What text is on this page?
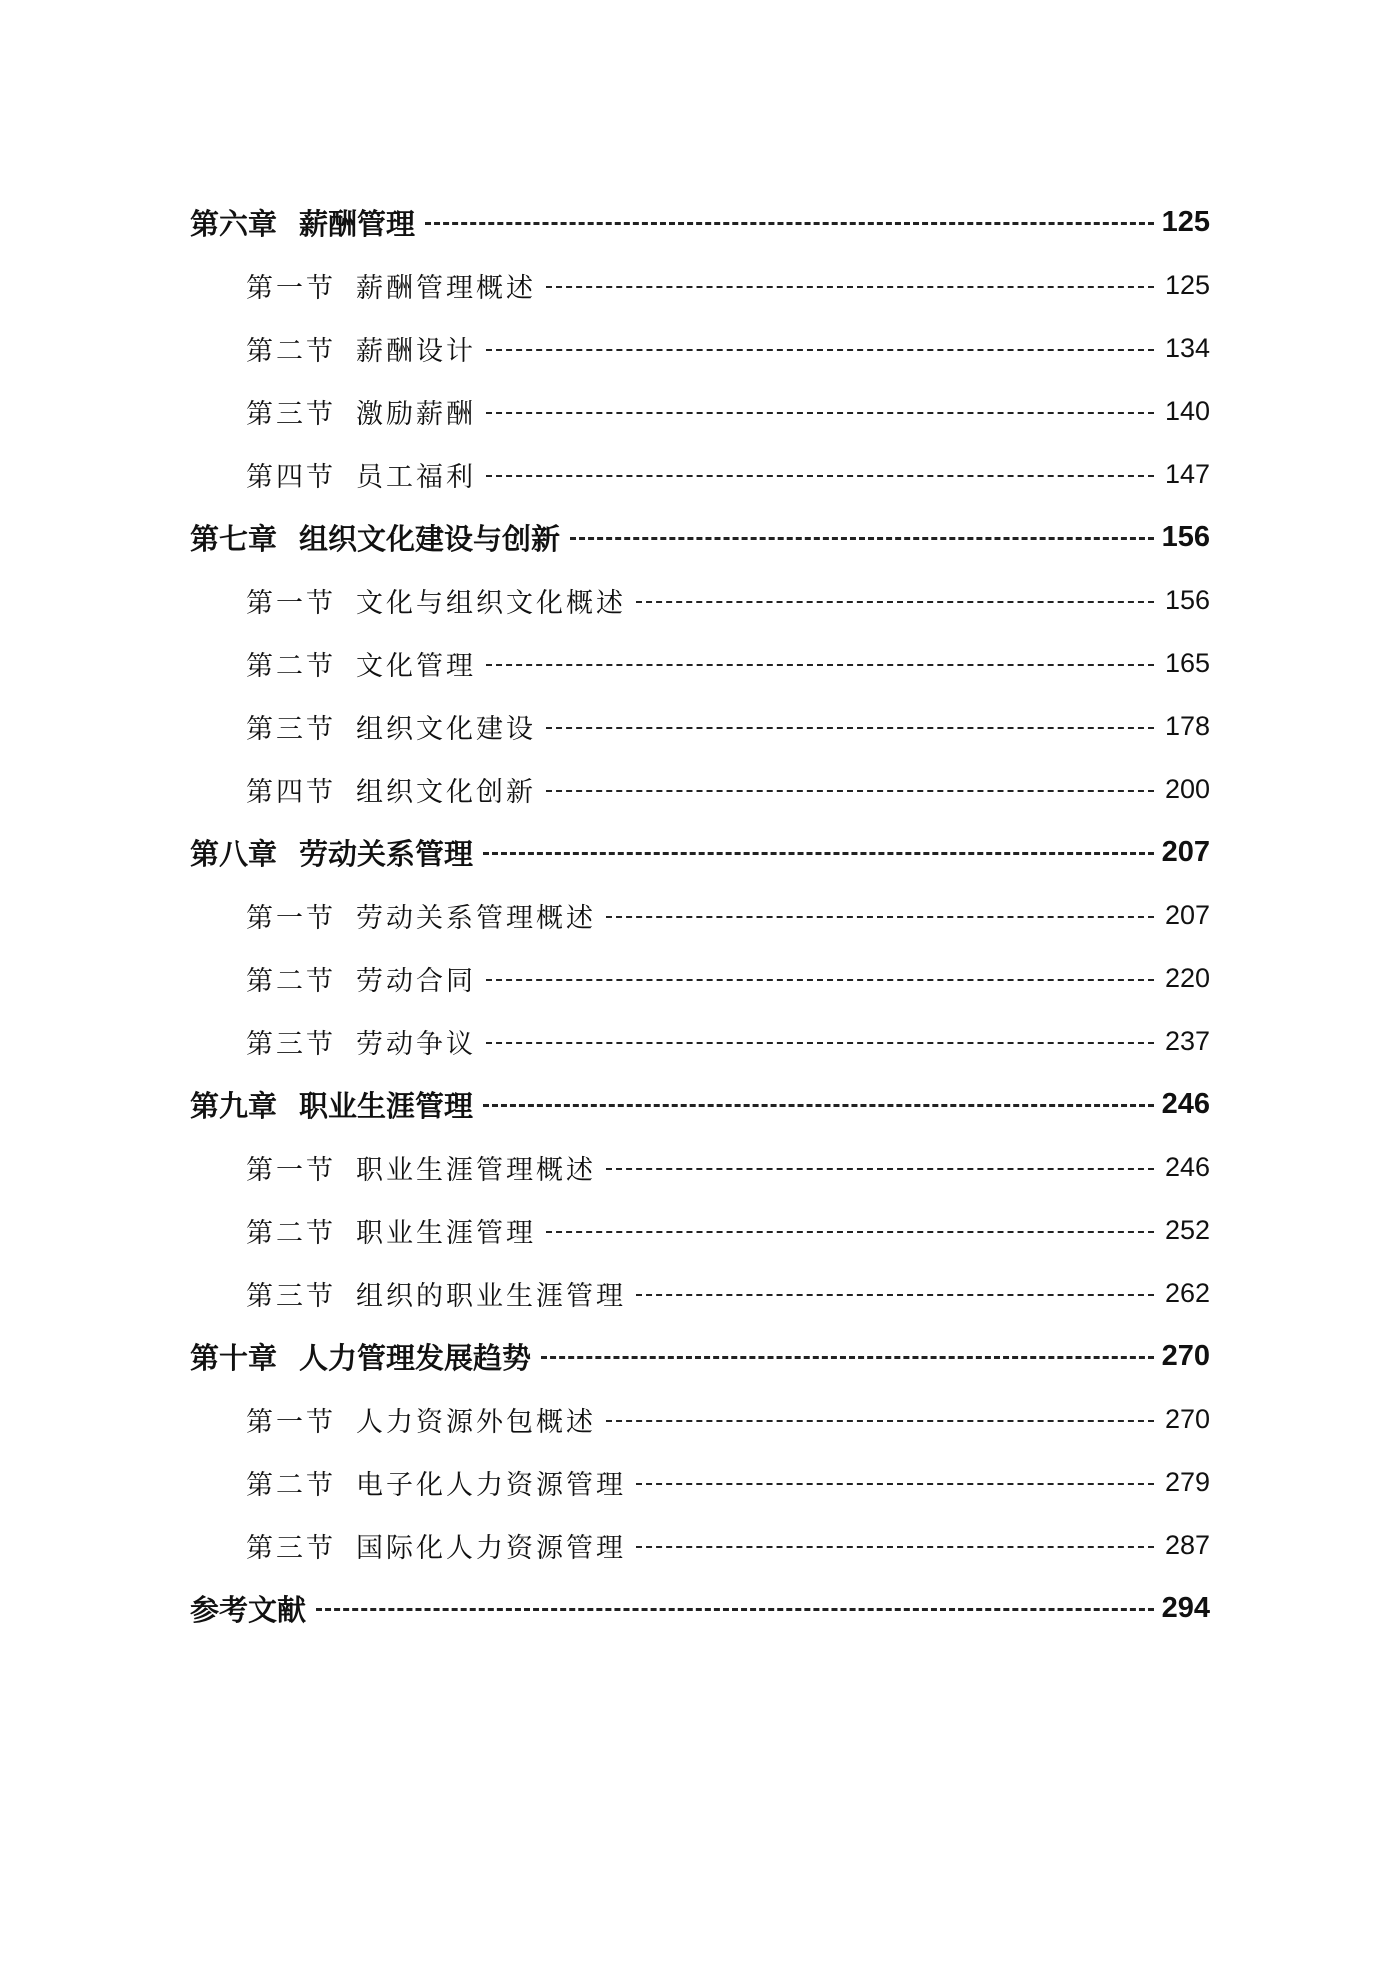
第六章 薪酬管理	125
第一节 薪酬管理概述	125
第二节 薪酬设计	134
第三节 激励薪酬	140
第四节 员工福利	147
第七章 组织文化建设与创新	156
第一节 文化与组织文化概述	156
第二节 文化管理	165
第三节 组织文化建设	178
第四节 组织文化创新	200
第八章 劳动关系管理	207
第一节 劳动关系管理概述	207
第二节 劳动合同	220
第三节 劳动争议	237
第九章 职业生涯管理	246
第一节 职业生涯管理概述	246
第二节 职业生涯管理	252
第三节 组织的职业生涯管理	262
第十章 人力管理发展趋势	270
第一节 人力资源外包概述	270
第二节 电子化人力资源管理	279
第三节 国际化人力资源管理	287
参考文献	294
